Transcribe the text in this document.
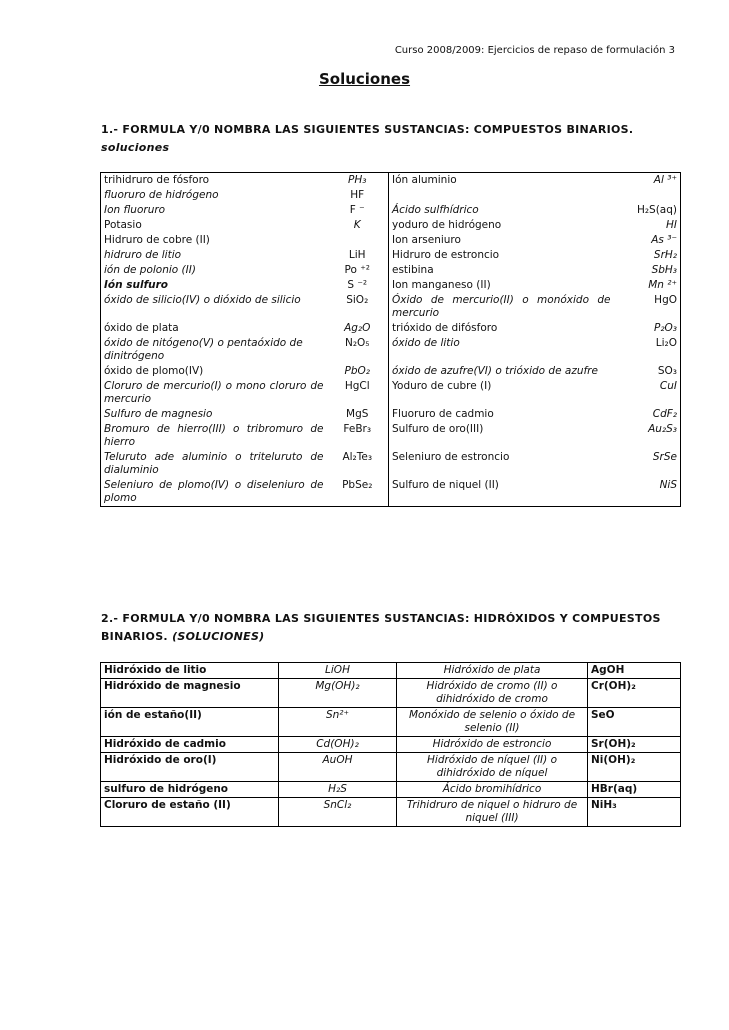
Curso 2008/2009: Ejercicios de repaso de formulación 3
Soluciones
1.- FORMULA Y/0 NOMBRA LAS SIGUIENTES SUSTANCIAS: COMPUESTOS BINARIOS.
soluciones
trihidruro de fósforo	PH₃	Ión aluminio	Al ³⁺
fluoruro de hidrógeno	HF		
Ion fluoruro	F ⁻	Ácido sulfhídrico	H₂S(aq)
Potasio	K	yoduro de hidrógeno	HI
Hidruro de cobre (II)		Ion arseniuro	As ³⁻
hidruro de litio	LiH	Hidruro de estroncio	SrH₂
ión de polonio (II)	Po ⁺²	estibina	SbH₃
Ión sulfuro	S ⁻²	Ion manganeso (II)	Mn ²⁺
óxido de silicio(IV) o dióxido de silicio	SiO₂	Óxido de mercurio(II) o monóxido de mercurio	HgO
óxido de plata	Ag₂O	trióxido de difósforo	P₂O₃
óxido de nitógeno(V) o pentaóxido de dinitrógeno	N₂O₅	óxido de litio	Li₂O
óxido de plomo(IV)	PbO₂	óxido de azufre(VI) o trióxido de azufre	SO₃
Cloruro de mercurio(I) o mono cloruro de mercurio	HgCl	Yoduro de cubre (I)	CuI
Sulfuro de magnesio	MgS	Fluoruro de cadmio	CdF₂
Bromuro de hierro(III) o tribromuro de hierro	FeBr₃	Sulfuro de oro(III)	Au₂S₃
Teluruto ade aluminio o triteluruto de dialuminio	Al₂Te₃	Seleniuro de estroncio	SrSe
Seleniuro de plomo(IV) o diseleniuro de plomo	PbSe₂	Sulfuro de niquel (II)	NiS
2.- FORMULA Y/0 NOMBRA LAS SIGUIENTES SUSTANCIAS: HIDRÓXIDOS Y COMPUESTOS BINARIOS. (SOLUCIONES)
Hidróxido de litio	LiOH	Hidróxido de plata	AgOH
Hidróxido de magnesio	Mg(OH)₂	Hidróxido de cromo (II) o dihidróxido de cromo	Cr(OH)₂
ión de estaño(II)	Sn²⁺	Monóxido de selenio o óxido de selenio (II)	SeO
Hidróxido de cadmio	Cd(OH)₂	Hidróxido de estroncio	Sr(OH)₂
Hidróxido de oro(I)	AuOH	Hidróxido de níquel (II) o dihidróxido de níquel	Ni(OH)₂
sulfuro de hidrógeno	H₂S	Ácido bromihídrico	HBr(aq)
Cloruro de estaño (II)	SnCl₂	Trihidruro de niquel o hidruro de niquel (III)	NiH₃
